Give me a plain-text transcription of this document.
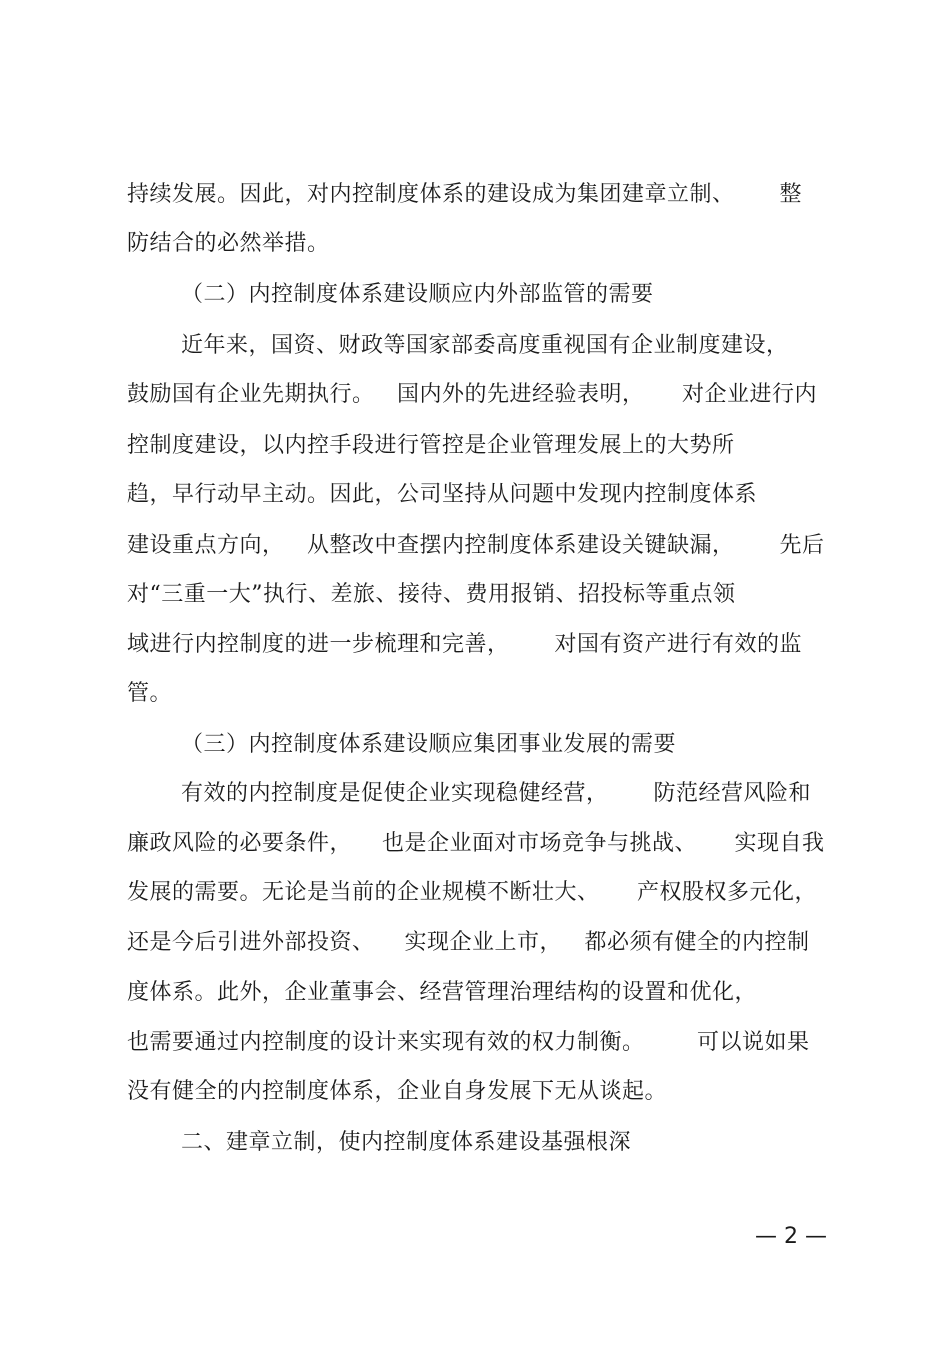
持续发展。因此，对内控制度体系的建设成为集团建章立制、      整
防结合的必然举措。
（二）内控制度体系建设顺应内外部监管的需要
近年来，国资、财政等国家部委高度重视国有企业制度建设，
鼓励国有企业先期执行。   国内外的先进经验表明，     对企业进行内
控制度建设，以内控手段进行管控是企业管理发展上的大势所
趋，早行动早主动。因此，公司坚持从问题中发现内控制度体系
建设重点方向，   从整改中查摆内控制度体系建设关键缺漏，      先后
对“三重一大”执行、差旅、接待、费用报销、招投标等重点领
域进行内控制度的进一步梳理和完善，      对国有资产进行有效的监
管。
（三）内控制度体系建设顺应集团事业发展的需要
有效的内控制度是促使企业实现稳健经营，      防范经营风险和
廉政风险的必要条件，    也是企业面对市场竞争与挑战、     实现自我
发展的需要。无论是当前的企业规模不断壮大、     产权股权多元化，
还是今后引进外部投资、    实现企业上市，   都必须有健全的内控制
度体系。此外，企业董事会、经营管理治理结构的设置和优化，
也需要通过内控制度的设计来实现有效的权力制衡。       可以说如果
没有健全的内控制度体系，企业自身发展下无从谈起。
二、建章立制，使内控制度体系建设基强根深
— 2 —
